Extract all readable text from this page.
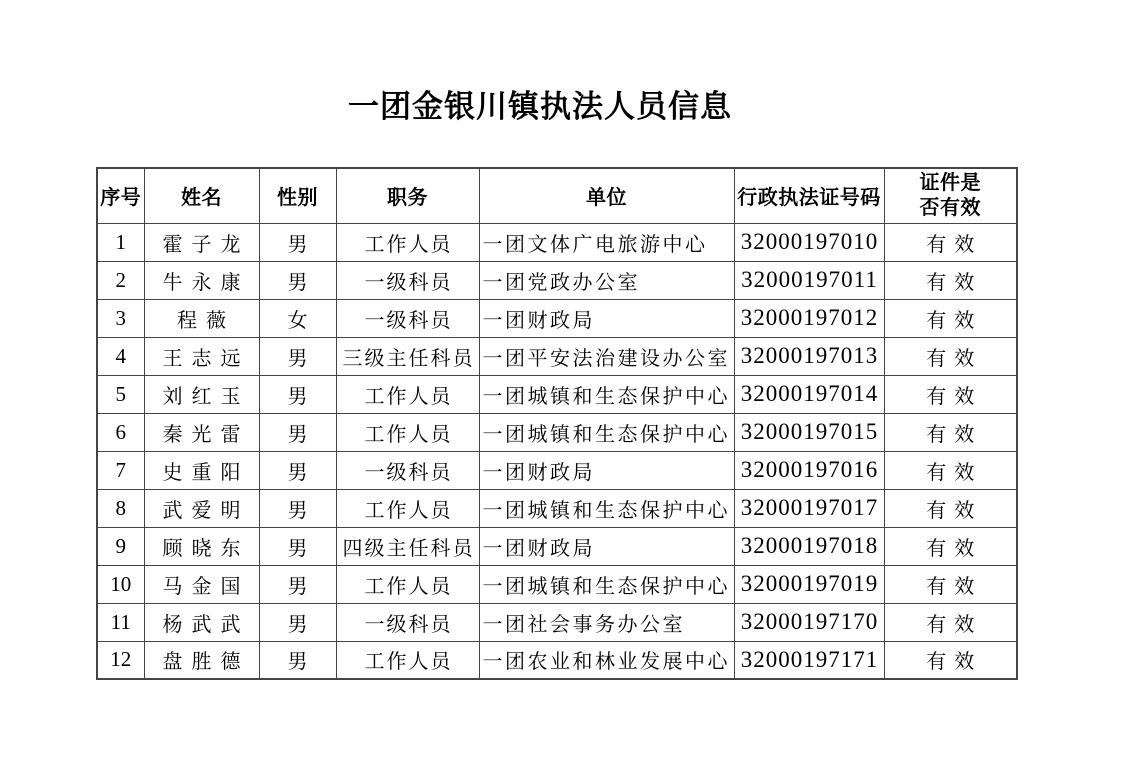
一团金银川镇执法人员信息
序号	姓名	性别	职务	单位	行政执法证号码	证件是
否有效

1	霍子龙	男	工作人员	一团文体广电旅游中心	32000197010	有效
2	牛永康	男	一级科员	一团党政办公室	32000197011	有效
3	程薇	女	一级科员	一团财政局	32000197012	有效
4	王志远	男	三级主任科员	一团平安法治建设办公室	32000197013	有效
5	刘红玉	男	工作人员	一团城镇和生态保护中心	32000197014	有效
6	秦光雷	男	工作人员	一团城镇和生态保护中心	32000197015	有效
7	史重阳	男	一级科员	一团财政局	32000197016	有效
8	武爱明	男	工作人员	一团城镇和生态保护中心	32000197017	有效
9	顾晓东	男	四级主任科员	一团财政局	32000197018	有效
10	马金国	男	工作人员	一团城镇和生态保护中心	32000197019	有效
11	杨武武	男	一级科员	一团社会事务办公室	32000197170	有效
12	盘胜德	男	工作人员	一团农业和林业发展中心	32000197171	有效
